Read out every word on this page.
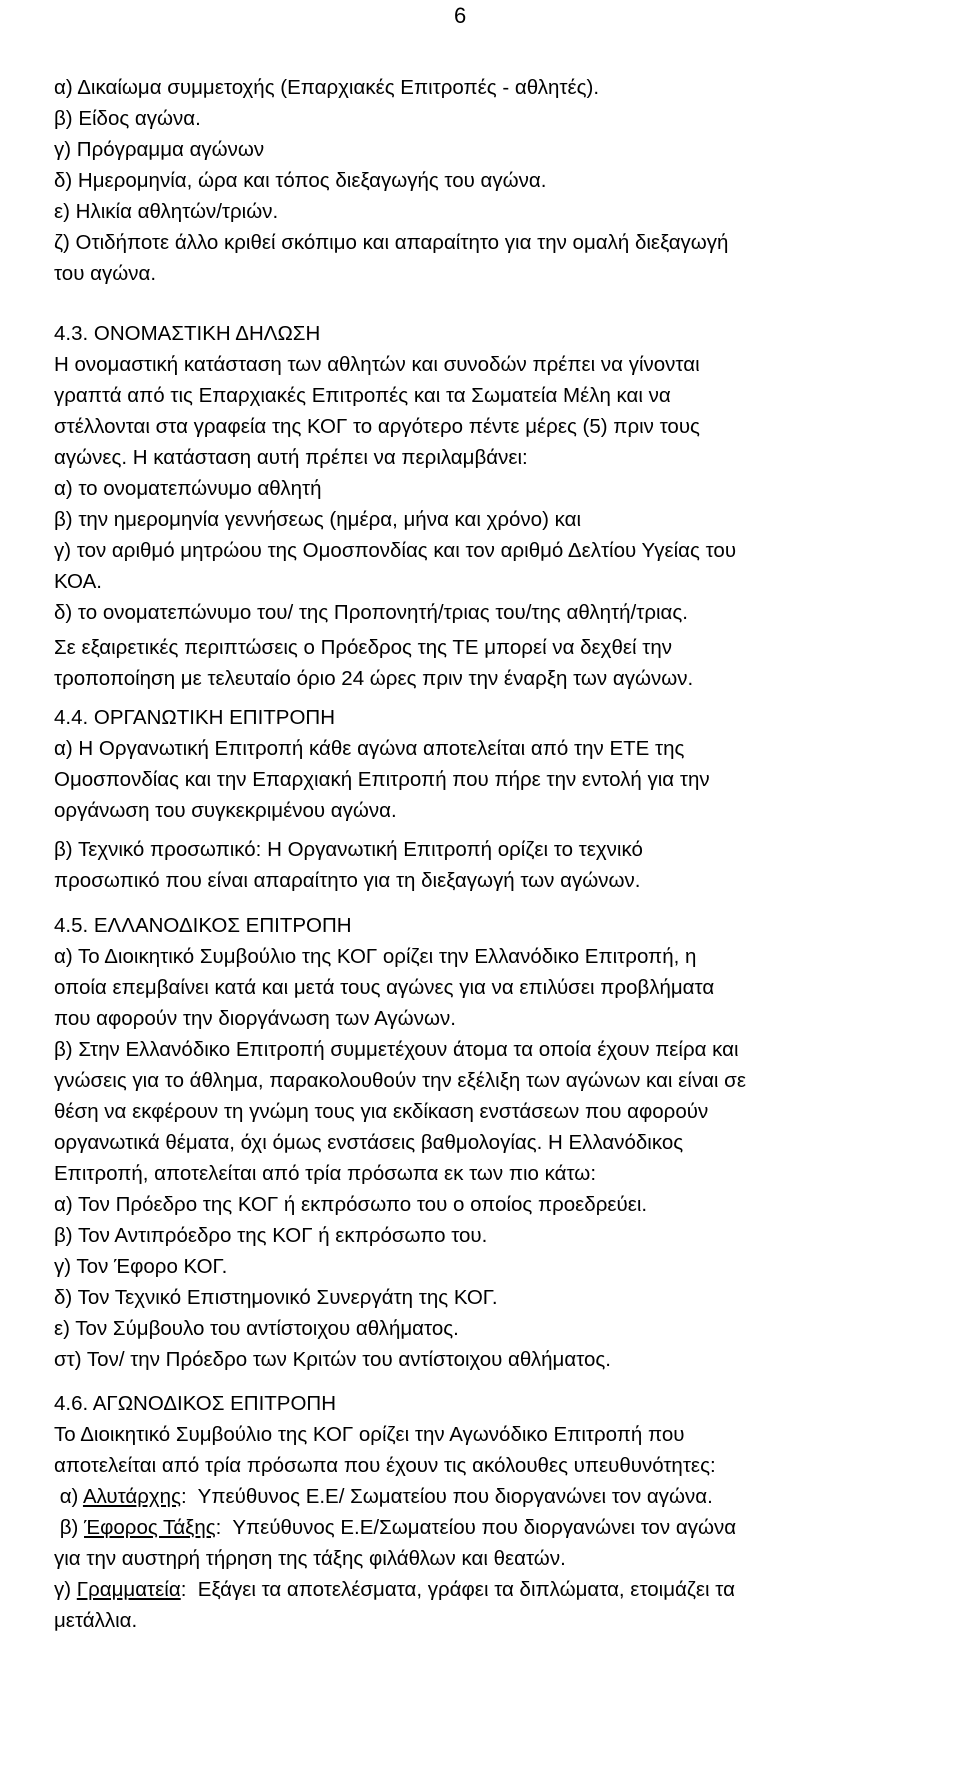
6
α) Δικαίωμα συμμετοχής (Επαρχιακές Επιτροπές - αθλητές).
β) Είδος αγώνα.
γ) Πρόγραμμα αγώνων
δ) Ημερομηνία, ώρα και τόπος διεξαγωγής του αγώνα.
ε) Ηλικία αθλητών/τριών.
ζ) Οτιδήποτε άλλο κριθεί σκόπιμο και απαραίτητο για την ομαλή διεξαγωγή
του αγώνα.
4.3. ΟΝΟΜΑΣΤΙΚΗ ΔΗΛΩΣΗ
Η ονομαστική κατάσταση των αθλητών και συνοδών πρέπει να γίνονται
γραπτά από τις Επαρχιακές Επιτροπές και τα Σωματεία Μέλη και να
στέλλονται στα γραφεία της ΚΟΓ το αργότερο πέντε μέρες (5) πριν τους
αγώνες. Η κατάσταση αυτή πρέπει να περιλαμβάνει:
α) το ονοματεπώνυμο αθλητή
β) την ημερομηνία γεννήσεως (ημέρα, μήνα και χρόνο) και
γ) τον αριθμό μητρώου της Ομοσπονδίας και τον αριθμό Δελτίου Υγείας του
ΚΟΑ.
δ) το ονοματεπώνυμο του/ της Προπονητή/τριας του/της αθλητή/τριας.
Σε εξαιρετικές περιπτώσεις ο Πρόεδρος της ΤΕ μπορεί να δεχθεί την
τροποποίηση με τελευταίο όριο 24 ώρες πριν την έναρξη των αγώνων.
4.4. ΟΡΓΑΝΩΤΙΚΗ ΕΠΙΤΡΟΠΗ
α) Η Οργανωτική Επιτροπή κάθε αγώνα αποτελείται από την ΕΤΕ της
Ομοσπονδίας και την Επαρχιακή Επιτροπή που πήρε την εντολή για την
οργάνωση του συγκεκριμένου αγώνα.
β) Τεχνικό προσωπικό: Η Οργανωτική Επιτροπή ορίζει το τεχνικό
προσωπικό που είναι απαραίτητο για τη διεξαγωγή των αγώνων.
4.5. ΕΛΛΑΝΟΔΙΚΟΣ ΕΠΙΤΡΟΠΗ
α) Το Διοικητικό Συμβούλιο της ΚΟΓ ορίζει την Ελλανόδικο Επιτροπή, η
οποία επεμβαίνει κατά και μετά τους αγώνες για να επιλύσει προβλήματα
που αφορούν την διοργάνωση των Αγώνων.
β) Στην Ελλανόδικο Επιτροπή συμμετέχουν άτομα τα οποία έχουν πείρα και
γνώσεις για το άθλημα, παρακολουθούν την εξέλιξη των αγώνων και είναι σε
θέση να εκφέρουν τη γνώμη τους για εκδίκαση ενστάσεων που αφορούν
οργανωτικά θέματα, όχι όμως ενστάσεις βαθμολογίας. Η Ελλανόδικος
Επιτροπή, αποτελείται από τρία πρόσωπα εκ των πιο κάτω:
α) Τον Πρόεδρο της ΚΟΓ ή εκπρόσωπο του ο οποίος προεδρεύει.
β) Τον Αντιπρόεδρο της ΚΟΓ ή εκπρόσωπο του.
γ) Τον Έφορο ΚΟΓ.
δ) Τον Τεχνικό Επιστημονικό Συνεργάτη της ΚΟΓ.
ε) Τον Σύμβουλο του αντίστοιχου αθλήματος.
στ) Τον/ την Πρόεδρο των Κριτών του αντίστοιχου αθλήματος.
4.6. ΑΓΩΝΟΔΙΚΟΣ ΕΠΙΤΡΟΠΗ
Το Διοικητικό Συμβούλιο της ΚΟΓ ορίζει την Αγωνόδικο Επιτροπή που
αποτελείται από τρία πρόσωπα που έχουν τις ακόλουθες υπευθυνότητες:
α) Αλυτάρχης:  Υπεύθυνος Ε.Ε/ Σωματείου που διοργανώνει τον αγώνα.
β) Έφορος Τάξης:  Υπεύθυνος Ε.Ε/Σωματείου που διοργανώνει τον αγώνα
για την αυστηρή τήρηση της τάξης φιλάθλων και θεατών.
γ) Γραμματεία:  Εξάγει τα αποτελέσματα, γράφει τα διπλώματα, ετοιμάζει τα
μετάλλια.
